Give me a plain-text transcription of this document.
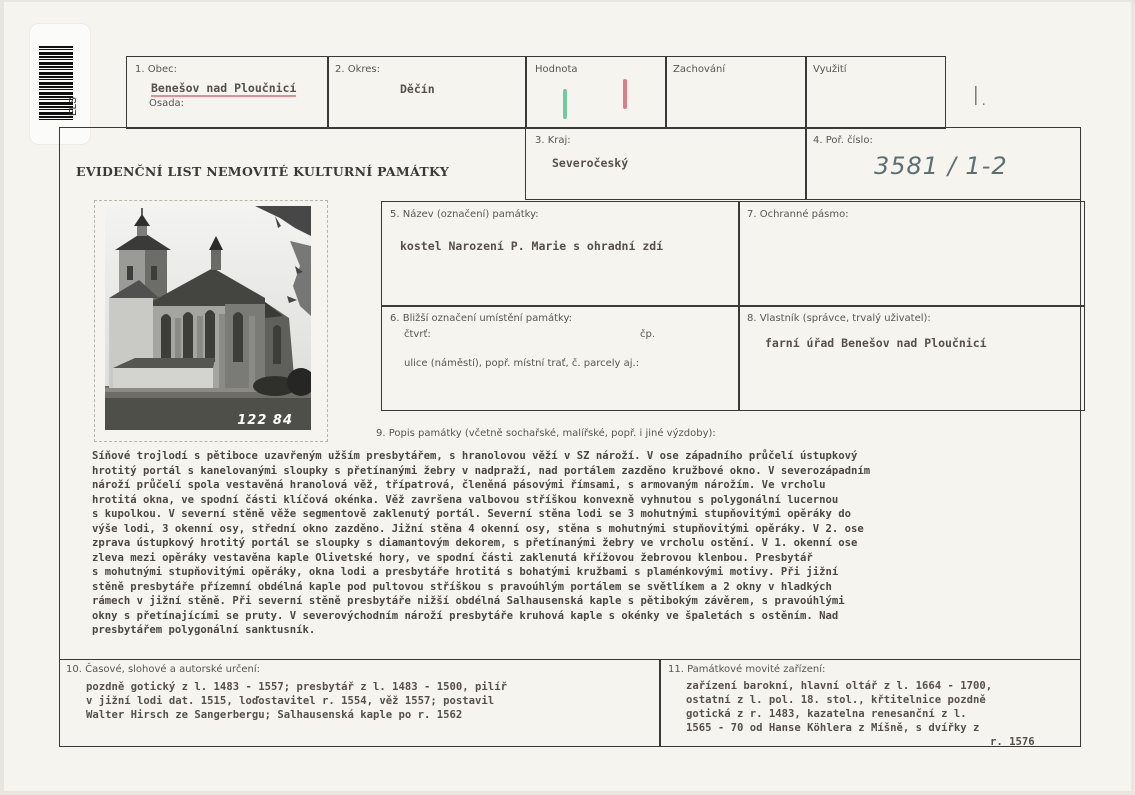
ELS
1. Obec:
Benešov nad Ploučnicí
Osada:
2. Okres:
Děčín
Hodnota	Zachování	Využití
I.
EVIDENČNÍ LIST NEMOVITÉ KULTURNÍ PAMÁTKY
3. Kraj:
Severočeský
4. Poř. číslo:
3581 / 1-2
122 84
5. Název (označení) památky:
kostel Narození P. Marie s ohradní zdí
7. Ochranné pásmo:
6. Bližší označení umístění památky:
čtvrť:	čp.
ulice (náměstí), popř. místní trať, č. parcely aj.:
8. Vlastník (správce, trvalý uživatel):
farní úřad Benešov nad Ploučnicí
9. Popis památky (včetně sochařské, malířské, popř. i jiné výzdoby):
Síňové trojlodí s pětiboce uzavřeným užším presbytářem, s hranolovou věží v SZ nároží. V ose západního průčelí ústupkový
hrotitý portál s kanelovanými sloupky s přetínanými žebry v nadpraží, nad portálem zazděno kružbové okno. V severozápadním
nároží průčelí spola vestavěná hranolová věž, třípatrová, členěná pásovými římsami, s armovaným nárožím. Ve vrcholu
hrotitá okna, ve spodní části klíčová okénka. Věž završena valbovou stříškou konvexně vyhnutou s polygonální lucernou
s kupolkou. V severní stěně věže segmentově zaklenutý portál. Severní stěna lodi se 3 mohutnými stupňovitými opěráky do
výše lodi, 3 okenní osy, střední okno zazděno. Jižní stěna 4 okenní osy, stěna s mohutnými stupňovitými opěráky. V 2. ose
zprava ústupkový hrotitý portál se sloupky s diamantovým dekorem, s přetínanými žebry ve vrcholu ostění. V 1. okenní ose
zleva mezi opěráky vestavěna kaple Olivetské hory, ve spodní části zaklenutá křížovou žebrovou klenbou. Presbytář
s mohutnými stupňovitými opěráky, okna lodi a presbytáře hrotitá s bohatými kružbami s plaménkovými motivy. Při jižní
stěně presbytáře přízemní obdélná kaple pod pultovou stříškou s pravoúhlým portálem se světlíkem a 2 okny v hladkých
rámech v jižní stěně. Při severní stěně presbytáře nižší obdélná Salhausenská kaple s pětibokým závěrem, s pravoúhlými
okny s přetínajícími se pruty. V severovýchodním nároží presbytáře kruhová kaple s okénky ve špaletách s ostěním. Nad
presbytářem polygonální sanktusník.
10. Časové, slohové a autorské určení:
pozdně gotický z l. 1483 - 1557; presbytář z l. 1483 - 1500, pilíř
v jižní lodi dat. 1515, loďostavitel r. 1554, věž 1557; postavil
Walter Hirsch ze Sangerbergu; Salhausenská kaple po r. 1562
11. Památkové movité zařízení:
zařízení barokní, hlavní oltář z l. 1664 - 1700,
ostatní z l. pol. 18. stol., křtitelnice pozdně
gotická z r. 1483, kazatelna renesanční z l.
1565 - 70 od Hanse Köhlera z Míšně, s dvířky z
r. 1576
